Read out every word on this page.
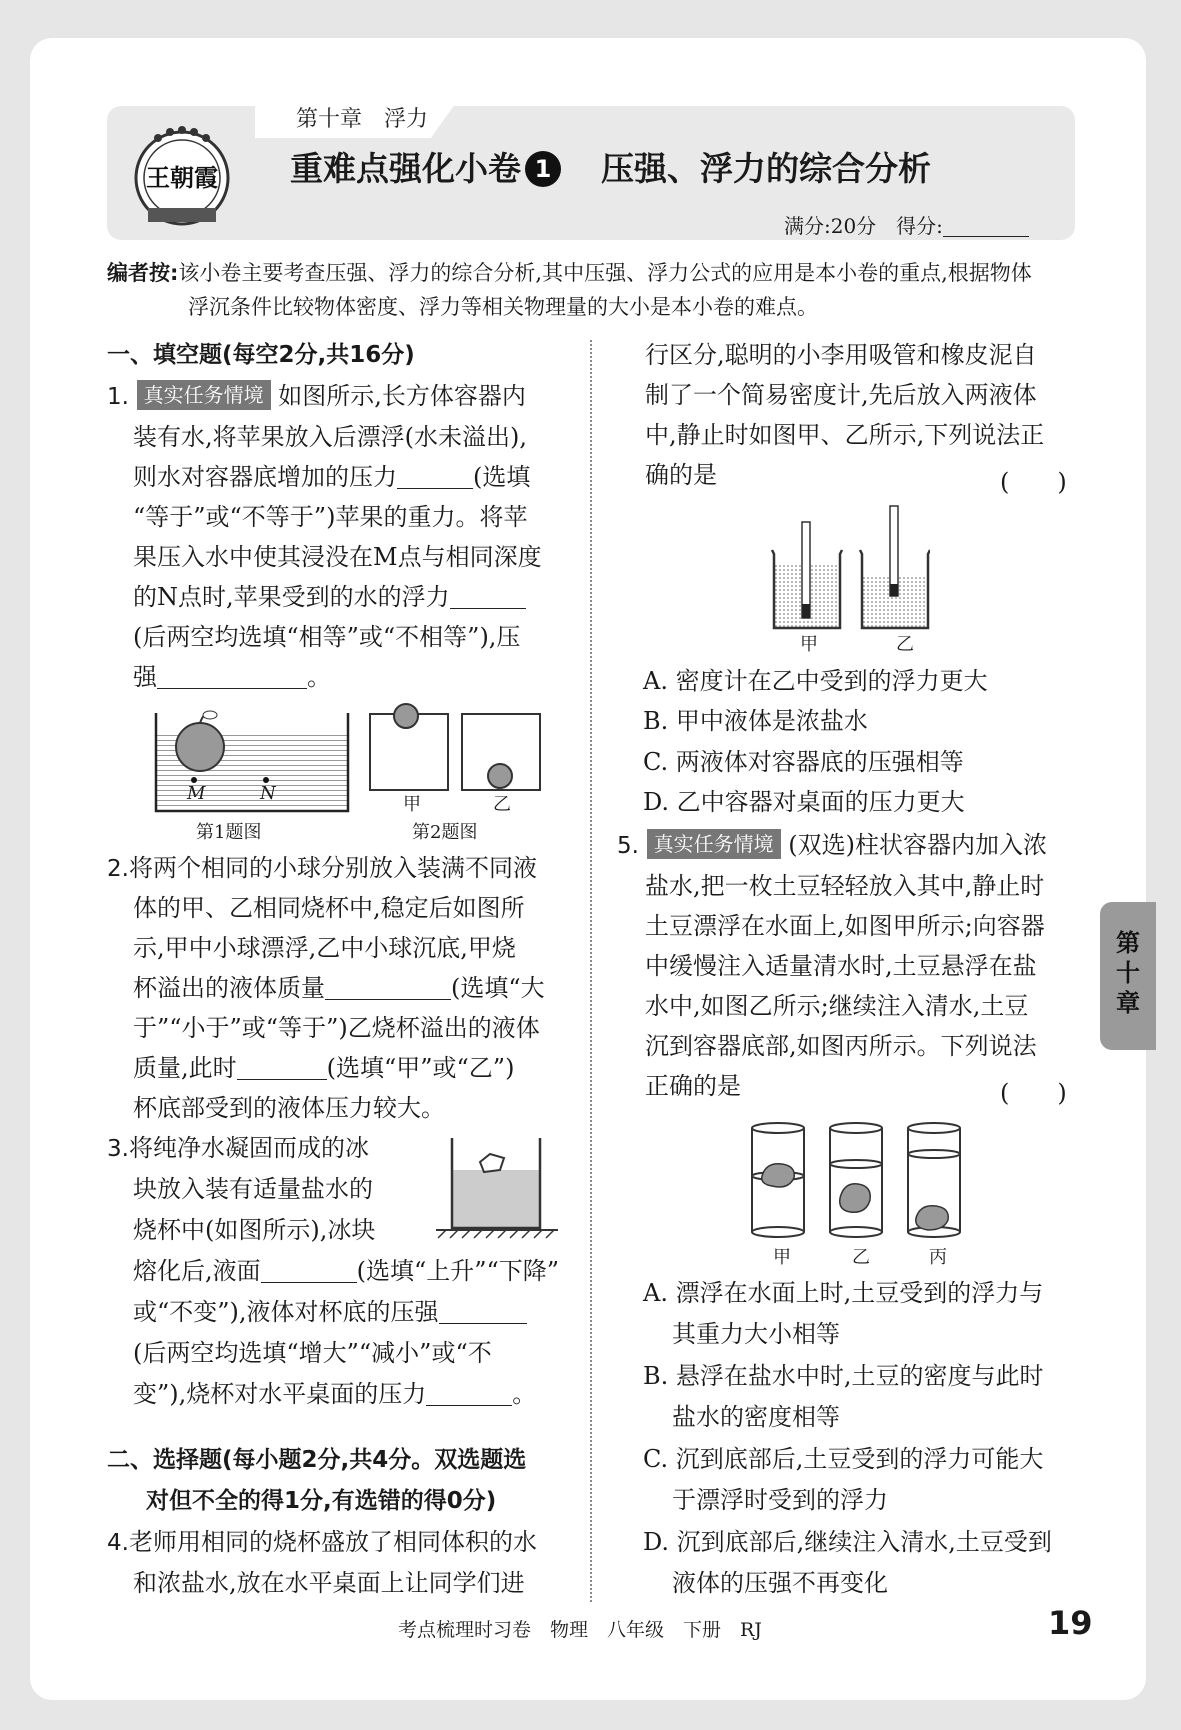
第十章　浮力
王朝霞 重难点强化小卷 1 压强、浮力的综合分析
满分:20分　得分:
编者按:该小卷主要考查压强、浮力的综合分析,其中压强、浮力公式的应用是本小卷的重点,根据物体
浮沉条件比较物体密度、浮力等相关物理量的大小是本小卷的难点。
一、填空题(每空2分,共16分)
1. 真实任务情境 如图所示,长方体容器内
装有水,将苹果放入后漂浮(水未溢出),
则水对容器底增加的压力	(选填
“等于”或“不等于”)苹果的重力。将苹
果压入水中使其浸没在M点与相同深度
的N点时,苹果受到的水的浮力
(后两空均选填“相等”或“不相等”),压
强	。
M	N
第1题图
甲	乙
第2题图
2.将两个相同的小球分别放入装满不同液
体的甲、乙相同烧杯中,稳定后如图所
示,甲中小球漂浮,乙中小球沉底,甲烧
杯溢出的液体质量	(选填“大
于”“小于”或“等于”)乙烧杯溢出的液体
质量,此时	(选填“甲”或“乙”)
杯底部受到的液体压力较大。
3.将纯净水凝固而成的冰
块放入装有适量盐水的
烧杯中(如图所示),冰块
熔化后,液面	(选填“上升”“下降”
或“不变”),液体对杯底的压强
(后两空均选填“增大”“减小”或“不
变”),烧杯对水平桌面的压力	。
二、选择题(每小题2分,共4分。双选题选
对但不全的得1分,有选错的得0分)
4.老师用相同的烧杯盛放了相同体积的水
和浓盐水,放在水平桌面上让同学们进
行区分,聪明的小李用吸管和橡皮泥自
制了一个简易密度计,先后放入两液体
中,静止时如图甲、乙所示,下列说法正
确的是	(　　)
甲	乙
A. 密度计在乙中受到的浮力更大
B. 甲中液体是浓盐水
C. 两液体对容器底的压强相等
D. 乙中容器对桌面的压力更大
5. 真实任务情境 (双选)柱状容器内加入浓
盐水,把一枚土豆轻轻放入其中,静止时
土豆漂浮在水面上,如图甲所示;向容器
中缓慢注入适量清水时,土豆悬浮在盐
水中,如图乙所示;继续注入清水,土豆
沉到容器底部,如图丙所示。下列说法
正确的是	(　　)
甲	乙	丙
A. 漂浮在水面上时,土豆受到的浮力与
其重力大小相等
B. 悬浮在盐水中时,土豆的密度与此时
盐水的密度相等
C. 沉到底部后,土豆受到的浮力可能大
于漂浮时受到的浮力
D. 沉到底部后,继续注入清水,土豆受到
液体的压强不再变化
第
十
章
考点梳理时习卷　物理　八年级　下册　RJ	19
